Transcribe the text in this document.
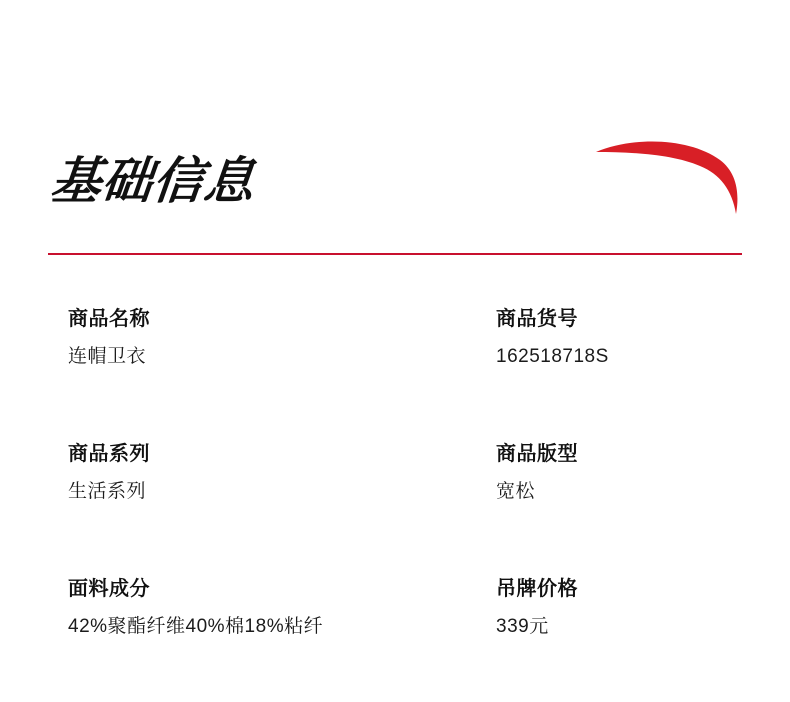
基础信息
商品名称
连帽卫衣
商品货号
162518718S
商品系列
生活系列
商品版型
宽松
面料成分
42%聚酯纤维40%棉18%粘纤
吊牌价格
339元
